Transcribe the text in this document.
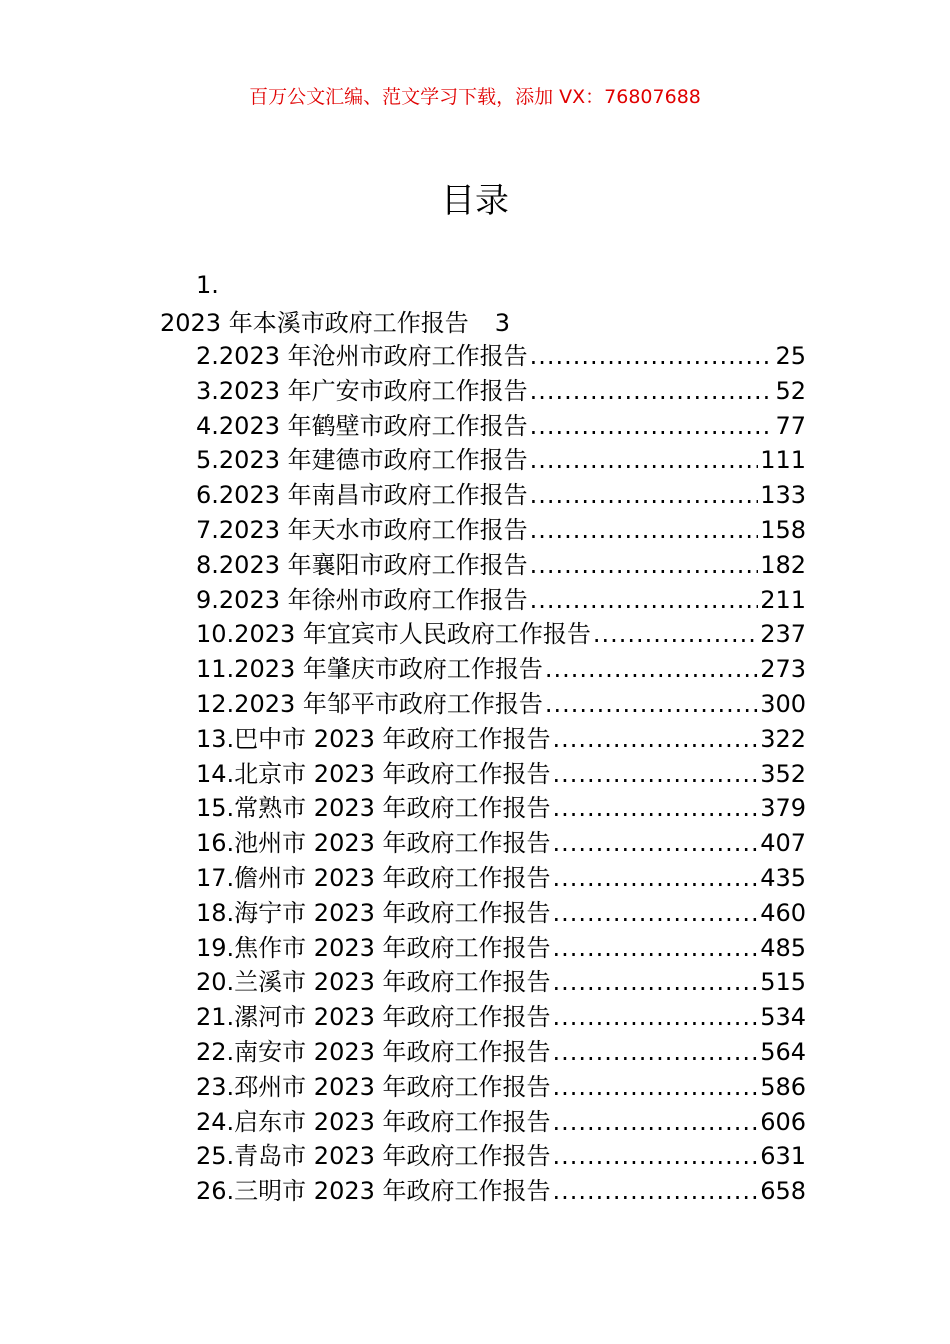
百万公文汇编、范文学习下载，添加 VX：76807688
目录
1.
2023 年本溪市政府工作报告 3
2.2023 年沧州市政府工作报告 .....	25
3.2023 年广安市政府工作报告 .....	52
4.2023 年鹤壁市政府工作报告 .....	77
5.2023 年建德市政府工作报告 .....	111
6.2023 年南昌市政府工作报告 .....	133
7.2023 年天水市政府工作报告 .....	158
8.2023 年襄阳市政府工作报告 .....	182
9.2023 年徐州市政府工作报告 .....	211
10.2023 年宜宾市人民政府工作报告 .....	237
11.2023 年肇庆市政府工作报告 .....	273
12.2023 年邹平市政府工作报告 .....	300
13.巴中市 2023 年政府工作报告 .....	322
14.北京市 2023 年政府工作报告 .....	352
15.常熟市 2023 年政府工作报告 .....	379
16.池州市 2023 年政府工作报告 .....	407
17.儋州市 2023 年政府工作报告 .....	435
18.海宁市 2023 年政府工作报告 .....	460
19.焦作市 2023 年政府工作报告 .....	485
20.兰溪市 2023 年政府工作报告 .....	515
21.漯河市 2023 年政府工作报告 .....	534
22.南安市 2023 年政府工作报告 .....	564
23.邳州市 2023 年政府工作报告 .....	586
24.启东市 2023 年政府工作报告 .....	606
25.青岛市 2023 年政府工作报告 .....	631
26.三明市 2023 年政府工作报告 .....	658
